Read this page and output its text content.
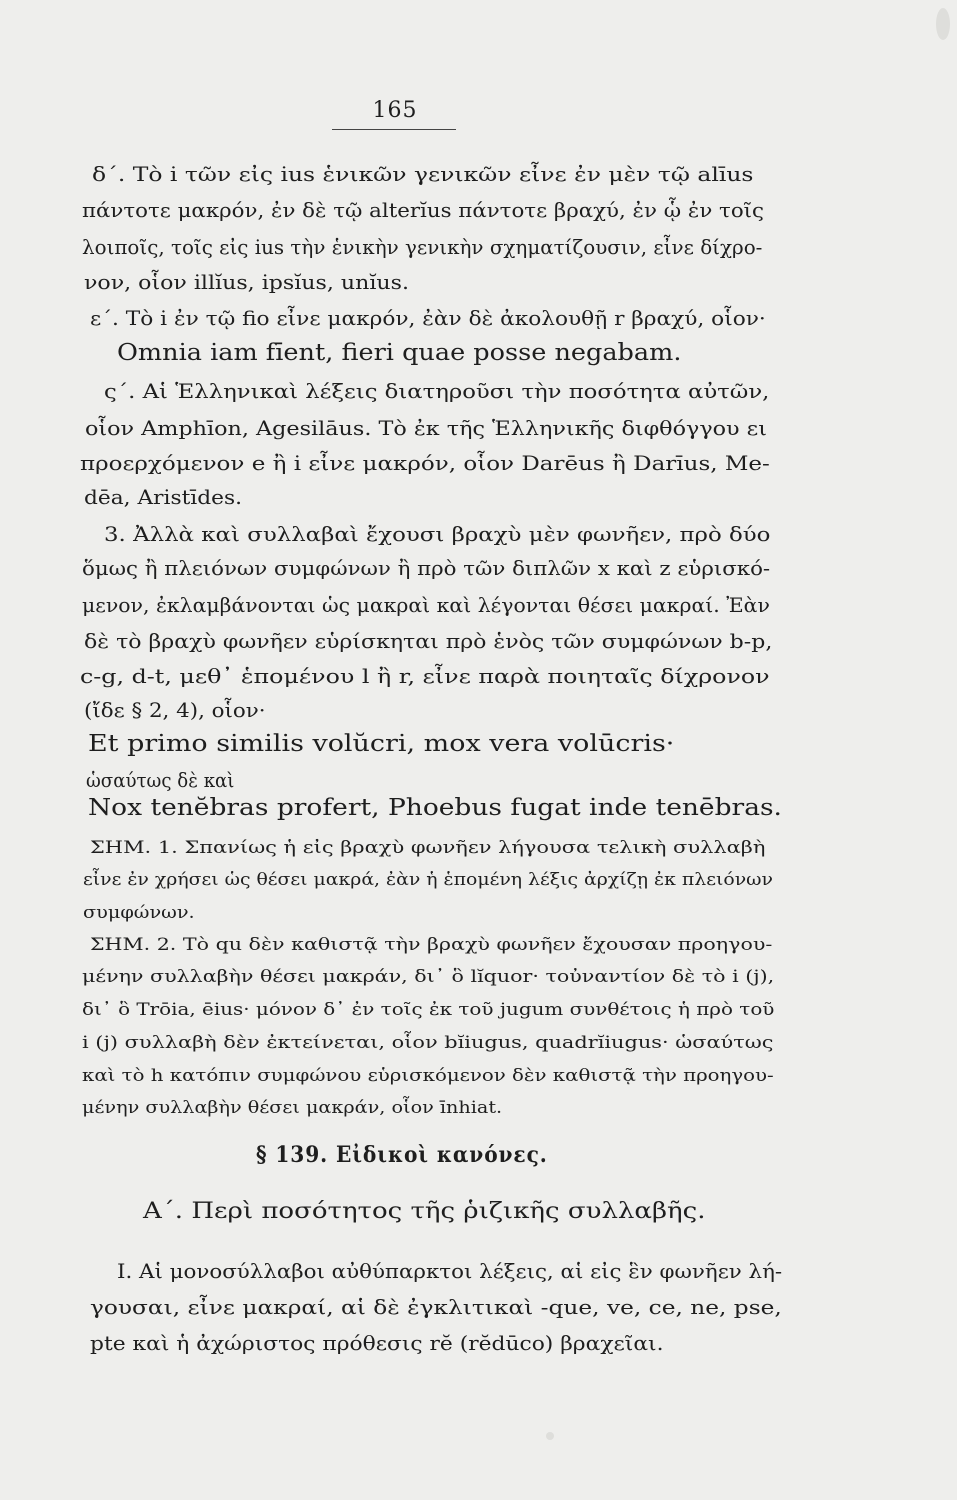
165
δ΄. Τὸ i τῶν εἰς ius ἑνικῶν γενικῶν εἶνε ἐν μὲν τῷ alīus
πάντοτε μακρόν, ἐν δὲ τῷ alterĭus πάντοτε βραχύ, ἐν ᾧ ἐν τοῖς
λοιποῖς, τοῖς εἰς ius τὴν ἑνικὴν γενικὴν σχηματίζουσιν, εἶνε δίχρο-
νον, οἷον illĭus, ipsĭus, unĭus.
ε΄. Τὸ i ἐν τῷ fio εἶνε μακρόν, ἐὰν δὲ ἀκολουθῇ r βραχύ, οἷον·
Omnia iam fīent, fieri quae posse negabam.
ς΄. Αἱ Ἑλληνικαὶ λέξεις διατηροῦσι τὴν ποσότητα αὐτῶν,
οἷον Amphīon, Agesilāus. Τὸ ἐκ τῆς Ἑλληνικῆς διφθόγγου ει
προερχόμενον e ἢ i εἶνε μακρόν, οἷον Darēus ἢ Darīus, Me-
dēa, Aristīdes.
3. Ἀλλὰ καὶ συλλαβαὶ ἔχουσι βραχὺ μὲν φωνῆεν, πρὸ δύο
ὅμως ἢ πλειόνων συμφώνων ἢ πρὸ τῶν διπλῶν x καὶ z εὑρισκό-
μενον, ἐκλαμβάνονται ὡς μακραὶ καὶ λέγονται θέσει μακραί. Ἐὰν
δὲ τὸ βραχὺ φωνῆεν εὑρίσκηται πρὸ ἑνὸς τῶν συμφώνων b-p,
c-g, d-t, μεθ᾽ ἑπομένου l ἢ r, εἶνε παρὰ ποιηταῖς δίχρονον
(ἴδε § 2, 4), οἷον·
Et primo similis volŭcri, mox vera volūcris·
ὡσαύτως δὲ καὶ
Nox tenĕbras profert, Phoebus fugat inde tenēbras.
ΣΗΜ. 1. Σπανίως ἡ εἰς βραχὺ φωνῆεν λήγουσα τελικὴ συλλαβὴ
εἶνε ἐν χρήσει ὡς θέσει μακρά, ἐὰν ἡ ἑπομένη λέξις ἀρχίζῃ ἐκ πλειόνων
συμφώνων.
ΣΗΜ. 2. Τὸ qu δὲν καθιστᾷ τὴν βραχὺ φωνῆεν ἔχουσαν προηγου-
μένην συλλαβὴν θέσει μακράν, δι᾽ ὃ lĭquor· τοὐναντίον δὲ τὸ i (j),
δι᾽ ὃ Trōia, ēius· μόνον δ᾽ ἐν τοῖς ἐκ τοῦ jugum συνθέτοις ἡ πρὸ τοῦ
i (j) συλλαβὴ δὲν ἐκτείνεται, οἷον bĭiugus, quadrĭiugus· ὡσαύτως
καὶ τὸ h κατόπιν συμφώνου εὑρισκόμενον δὲν καθιστᾷ τὴν προηγου-
μένην συλλαβὴν θέσει μακράν, οἷον īnhiat.
§ 139. Εἰδικοὶ κανόνες.
Α΄. Περὶ ποσότητος τῆς ῥιζικῆς συλλαβῆς.
I. Αἱ μονοσύλλαβοι αὐθύπαρκτοι λέξεις, αἱ εἰς ἓν φωνῆεν λή-
γουσαι, εἶνε μακραί, αἱ δὲ ἐγκλιτικαὶ -que, ve, ce, ne, pse,
pte καὶ ἡ ἀχώριστος πρόθεσις rĕ (rĕdūco) βραχεῖαι.
